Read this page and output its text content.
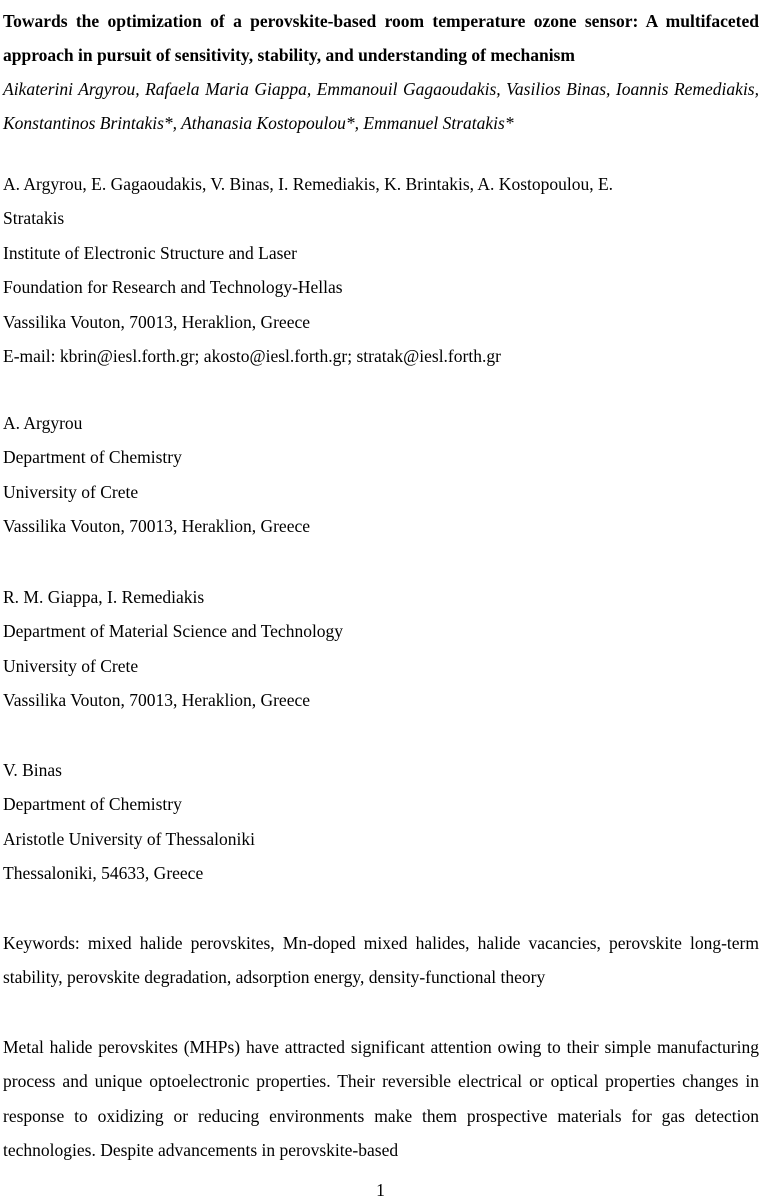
Towards the optimization of a perovskite-based room temperature ozone sensor: A multifaceted approach in pursuit of sensitivity, stability, and understanding of mechanism
Aikaterini Argyrou, Rafaela Maria Giappa, Emmanouil Gagaoudakis, Vasilios Binas, Ioannis Remediakis, Konstantinos Brintakis*, Athanasia Kostopoulou*, Emmanuel Stratakis*
A. Argyrou, E. Gagaoudakis, V. Binas, I. Remediakis, K. Brintakis, A. Kostopoulou, E.
Stratakis
Institute of Electronic Structure and Laser
Foundation for Research and Technology-Hellas
Vassilika Vouton, 70013, Heraklion, Greece
E-mail: kbrin@iesl.forth.gr; akosto@iesl.forth.gr; stratak@iesl.forth.gr
A. Argyrou
Department of Chemistry
University of Crete
Vassilika Vouton, 70013, Heraklion, Greece
R. M. Giappa, I. Remediakis
Department of Material Science and Technology
University of Crete
Vassilika Vouton, 70013, Heraklion, Greece
V. Binas
Department of Chemistry
Aristotle University of Thessaloniki
Thessaloniki, 54633, Greece
Keywords: mixed halide perovskites, Mn-doped mixed halides, halide vacancies, perovskite long-term stability, perovskite degradation, adsorption energy, density-functional theory
Metal halide perovskites (MHPs) have attracted significant attention owing to their simple manufacturing process and unique optoelectronic properties. Their reversible electrical or optical properties changes in response to oxidizing or reducing environments make them prospective materials for gas detection technologies. Despite advancements in perovskite-based
1
